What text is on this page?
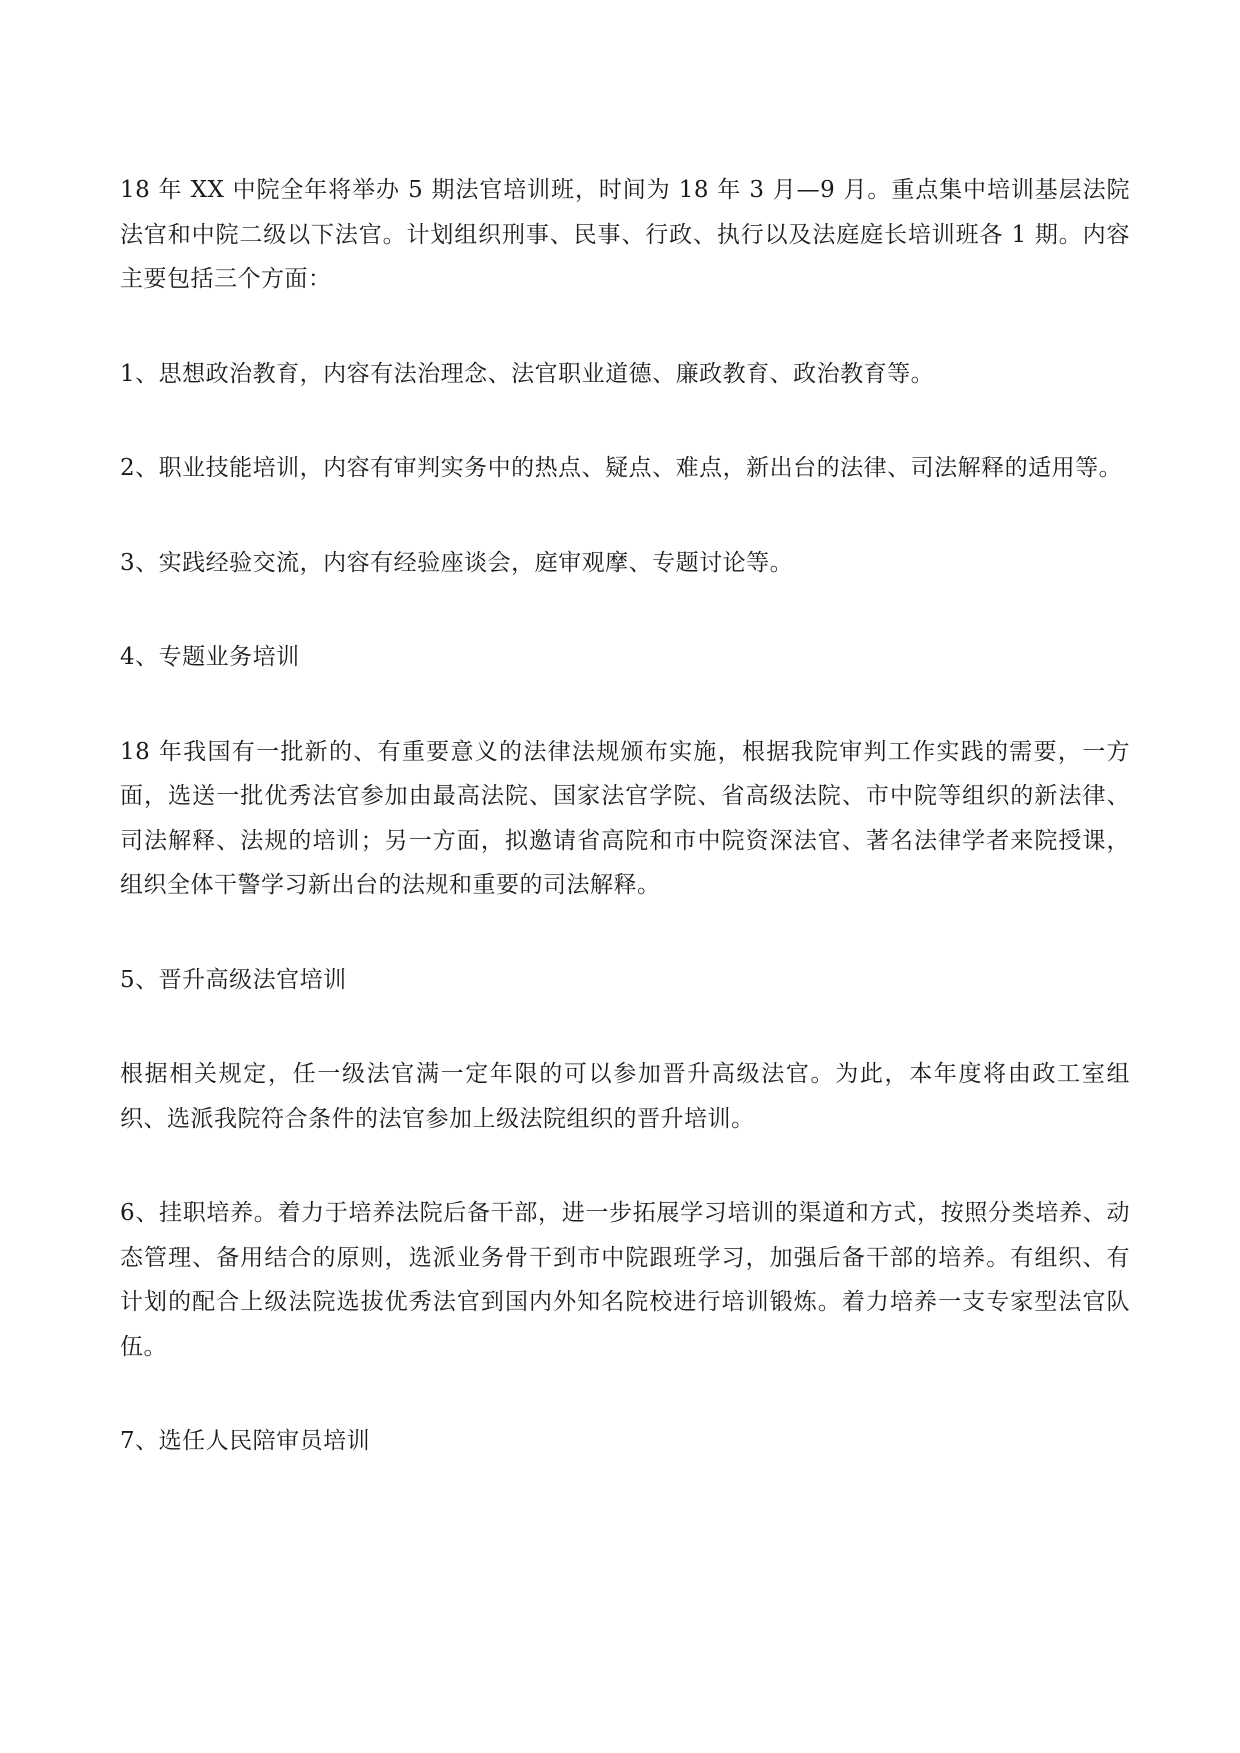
18 年 XX 中院全年将举办 5 期法官培训班，时间为 18 年 3 月—9 月。重点集中培训基层法院法官和中院二级以下法官。计划组织刑事、民事、行政、执行以及法庭庭长培训班各 1 期。内容主要包括三个方面：

1、思想政治教育，内容有法治理念、法官职业道德、廉政教育、政治教育等。

2、职业技能培训，内容有审判实务中的热点、疑点、难点，新出台的法律、司法解释的适用等。

3、实践经验交流，内容有经验座谈会，庭审观摩、专题讨论等。

4、专题业务培训

18 年我国有一批新的、有重要意义的法律法规颁布实施，根据我院审判工作实践的需要，一方面，选送一批优秀法官参加由最高法院、国家法官学院、省高级法院、市中院等组织的新法律、司法解释、法规的培训；另一方面，拟邀请省高院和市中院资深法官、著名法律学者来院授课，组织全体干警学习新出台的法规和重要的司法解释。

5、晋升高级法官培训

根据相关规定，任一级法官满一定年限的可以参加晋升高级法官。为此，本年度将由政工室组织、选派我院符合条件的法官参加上级法院组织的晋升培训。

6、挂职培养。着力于培养法院后备干部，进一步拓展学习培训的渠道和方式，按照分类培养、动态管理、备用结合的原则，选派业务骨干到市中院跟班学习，加强后备干部的培养。有组织、有计划的配合上级法院选拔优秀法官到国内外知名院校进行培训锻炼。着力培养一支专家型法官队伍。

7、选任人民陪审员培训
